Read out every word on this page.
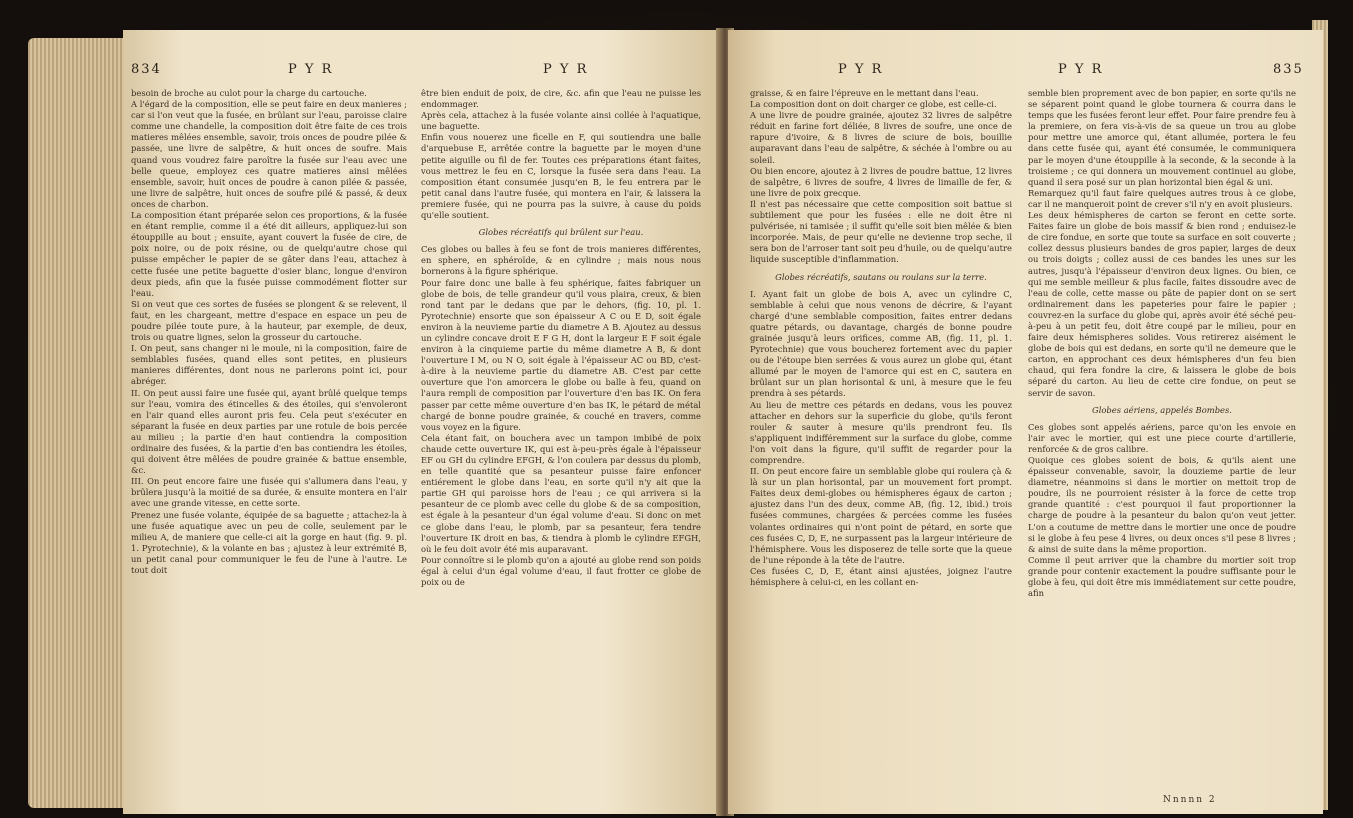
834	P Y R	P Y R
besoin de broche au culot pour la charge du cartouche.
A l'égard de la composition, elle se peut faire en deux manieres ; car si l'on veut que la fusée, en brûlant sur l'eau, paroisse claire comme une chandelle, la composition doit être faite de ces trois matieres mêlées ensemble, savoir, trois onces de poudre pilée & passée, une livre de salpêtre, & huit onces de soufre. Mais quand vous voudrez faire paroître la fusée sur l'eau avec une belle queue, employez ces quatre matieres ainsi mêlées ensemble, savoir, huit onces de poudre à canon pilée & passée, une livre de salpêtre, huit onces de soufre pilé & passé, & deux onces de charbon.
La composition étant préparée selon ces proportions, & la fusée en étant remplie, comme il a été dit ailleurs, appliquez-lui son étouppille au bout ; ensuite, ayant couvert la fusée de cire, de poix noire, ou de poix résine, ou de quelqu'autre chose qui puisse empêcher le papier de se gâter dans l'eau, attachez à cette fusée une petite baguette d'osier blanc, longue d'environ deux pieds, afin que la fusée puisse commodément flotter sur l'eau.
Si on veut que ces sortes de fusées se plongent & se relevent, il faut, en les chargeant, mettre d'espace en espace un peu de poudre pilée toute pure, à la hauteur, par exemple, de deux, trois ou quatre lignes, selon la grosseur du cartouche.
I. On peut, sans changer ni le moule, ni la composition, faire de semblables fusées, quand elles sont petites, en plusieurs manieres différentes, dont nous ne parlerons point ici, pour abréger.
II. On peut aussi faire une fusée qui, ayant brûlé quelque temps sur l'eau, vomira des étincelles & des étoiles, qui s'envoleront en l'air quand elles auront pris feu. Cela peut s'exécuter en séparant la fusée en deux parties par une rotule de bois percée au milieu ; la partie d'en haut contiendra la composition ordinaire des fusées, & la partie d'en bas contiendra les étoiles, qui doivent être mêlées de poudre grainée & battue ensemble, &c.
III. On peut encore faire une fusée qui s'allumera dans l'eau, y brûlera jusqu'à la moitié de sa durée, & ensuite montera en l'air avec une grande vitesse, en cette sorte.
Prenez une fusée volante, équipée de sa baguette ; attachez-la à une fusée aquatique avec un peu de colle, seulement par le milieu A, de maniere que celle-ci ait la gorge en haut (fig. 9. pl. 1. Pyrotechnie), & la volante en bas ; ajustez à leur extrémité B, un petit canal pour communiquer le feu de l'une à l'autre. Le tout doit
être bien enduit de poix, de cire, &c. afin que l'eau ne puisse les endommager.
Après cela, attachez à la fusée volante ainsi collée à l'aquatique, une baguette.
Enfin vous nouerez une ficelle en F, qui soutiendra une balle d'arquebuse E, arrêtée contre la baguette par le moyen d'une petite aiguille ou fil de fer. Toutes ces préparations étant faites, vous mettrez le feu en C, lorsque la fusée sera dans l'eau. La composition étant consumée jusqu'en B, le feu entrera par le petit canal dans l'autre fusée, qui montera en l'air, & laissera la premiere fusée, qui ne pourra pas la suivre, à cause du poids qu'elle soutient.
Globes récréatifs qui brûlent sur l'eau.
Ces globes ou balles à feu se font de trois manieres différentes, en sphere, en sphéroïde, & en cylindre ; mais nous nous bornerons à la figure sphérique.
Pour faire donc une balle à feu sphérique, faites fabriquer un globe de bois, de telle grandeur qu'il vous plaira, creux, & bien rond tant par le dedans que par le dehors, (fig. 10, pl. 1. Pyrotechnie) ensorte que son épaisseur A C ou E D, soit égale environ à la neuvieme partie du diametre A B. Ajoutez au dessus un cylindre concave droit E F G H, dont la largeur E F soit égale environ à la cinquieme partie du même diametre A B, & dont l'ouverture I M, ou N O, soit égale à l'épaisseur AC ou BD, c'est-à-dire à la neuvieme partie du diametre AB. C'est par cette ouverture que l'on amorcera le globe ou balle à feu, quand on l'aura rempli de composition par l'ouverture d'en bas IK. On fera passer par cette même ouverture d'en bas IK, le pétard de métal chargé de bonne poudre grainée, & couché en travers, comme vous voyez en la figure.
Cela étant fait, on bouchera avec un tampon imbibé de poix chaude cette ouverture IK, qui est à-peu-près égale à l'épaisseur EF ou GH du cylindre EFGH, & l'on coulera par dessus du plomb, en telle quantité que sa pesanteur puisse faire enfoncer entiérement le globe dans l'eau, en sorte qu'il n'y ait que la partie GH qui paroisse hors de l'eau ; ce qui arrivera si la pesanteur de ce plomb avec celle du globe & de sa composition, est égale à la pesanteur d'un égal volume d'eau. Si donc on met ce globe dans l'eau, le plomb, par sa pesanteur, fera tendre l'ouverture IK droit en bas, & tiendra à plomb le cylindre EFGH, où le feu doit avoir été mis auparavant.
Pour connoître si le plomb qu'on a ajouté au globe rend son poids égal à celui d'un égal volume d'eau, il faut frotter ce globe de poix ou de
P Y R	P Y R	835
graisse, & en faire l'épreuve en le mettant dans l'eau.
La composition dont on doit charger ce globe, est celle-ci.
A une livre de poudre grainée, ajoutez 32 livres de salpêtre réduit en farine fort déliée, 8 livres de soufre, une once de rapure d'ivoire, & 8 livres de sciure de bois, bouillie auparavant dans l'eau de salpêtre, & séchée à l'ombre ou au soleil.
Ou bien encore, ajoutez à 2 livres de poudre battue, 12 livres de salpêtre, 6 livres de soufre, 4 livres de limaille de fer, & une livre de poix grecque.
Il n'est pas nécessaire que cette composition soit battue si subtilement que pour les fusées : elle ne doit être ni pulvérisée, ni tamisée ; il suffit qu'elle soit bien mêlée & bien incorporée. Mais, de peur qu'elle ne devienne trop seche, il sera bon de l'arroser tant soit peu d'huile, ou de quelqu'autre liquide susceptible d'inflammation.
Globes récréatifs, sautans ou roulans sur la terre.
I. Ayant fait un globe de bois A, avec un cylindre C, semblable à celui que nous venons de décrire, & l'ayant chargé d'une semblable composition, faites entrer dedans quatre pétards, ou davantage, chargés de bonne poudre grainée jusqu'à leurs orifices, comme AB, (fig. 11, pl. 1. Pyrotechnie) que vous boucherez fortement avec du papier ou de l'étoupe bien serrées & vous aurez un globe qui, étant allumé par le moyen de l'amorce qui est en C, sautera en brûlant sur un plan horisontal & uni, à mesure que le feu prendra à ses pétards.
Au lieu de mettre ces pétards en dedans, vous les pouvez attacher en dehors sur la superficie du globe, qu'ils feront rouler & sauter à mesure qu'ils prendront feu. Ils s'appliquent indifféremment sur la surface du globe, comme l'on voit dans la figure, qu'il suffit de regarder pour la comprendre.
II. On peut encore faire un semblable globe qui roulera çà & là sur un plan horisontal, par un mouvement fort prompt. Faites deux demi-globes ou hémispheres égaux de carton ; ajustez dans l'un des deux, comme AB, (fig. 12, ibid.) trois fusées communes, chargées & percées comme les fusées volantes ordinaires qui n'ont point de pétard, en sorte que ces fusées C, D, E, ne surpassent pas la largeur intérieure de l'hémisphere. Vous les disposerez de telle sorte que la queue de l'une réponde à la tête de l'autre.
Ces fusées C, D, E, étant ainsi ajustées, joignez l'autre hémisphere à celui-ci, en les collant en-
semble bien proprement avec de bon papier, en sorte qu'ils ne se séparent point quand le globe tournera & courra dans le temps que les fusées feront leur effet. Pour faire prendre feu à la premiere, on fera vis-à-vis de sa queue un trou au globe pour mettre une amorce qui, étant allumée, portera le feu dans cette fusée qui, ayant été consumée, le communiquera par le moyen d'une étouppille à la seconde, & la seconde à la troisieme ; ce qui donnera un mouvement continuel au globe, quand il sera posé sur un plan horizontal bien égal & uni.
Remarquez qu'il faut faire quelques autres trous à ce globe, car il ne manqueroit point de crever s'il n'y en avoit plusieurs.
Les deux hémispheres de carton se feront en cette sorte. Faites faire un globe de bois massif & bien rond ; enduisez-le de cire fondue, en sorte que toute sa surface en soit couverte ; collez dessus plusieurs bandes de gros papier, larges de deux ou trois doigts ; collez aussi de ces bandes les unes sur les autres, jusqu'à l'épaisseur d'environ deux lignes. Ou bien, ce qui me semble meilleur & plus facile, faites dissoudre avec de l'eau de colle, cette masse ou pâte de papier dont on se sert ordinairement dans les papeteries pour faire le papier ; couvrez-en la surface du globe qui, après avoir été séché peu-à-peu à un petit feu, doit être coupé par le milieu, pour en faire deux hémispheres solides. Vous retirerez aisément le globe de bois qui est dedans, en sorte qu'il ne demeure que le carton, en approchant ces deux hémispheres d'un feu bien chaud, qui fera fondre la cire, & laissera le globe de bois séparé du carton. Au lieu de cette cire fondue, on peut se servir de savon.
Globes aériens, appelés Bombes.
Ces globes sont appelés aériens, parce qu'on les envoie en l'air avec le mortier, qui est une piece courte d'artillerie, renforcée & de gros calibre.
Quoique ces globes soient de bois, & qu'ils aient une épaisseur convenable, savoir, la douzieme partie de leur diametre, néanmoins si dans le mortier on mettoit trop de poudre, ils ne pourroient résister à la force de cette trop grande quantité : c'est pourquoi il faut proportionner la charge de poudre à la pesanteur du balon qu'on veut jetter. L'on a coutume de mettre dans le mortier une once de poudre si le globe à feu pese 4 livres, ou deux onces s'il pese 8 livres ; & ainsi de suite dans la même proportion.
Comme il peut arriver que la chambre du mortier soit trop grande pour contenir exactement la poudre suffisante pour le globe à feu, qui doit être mis immédiatement sur cette poudre, afin
Nnnnn 2
